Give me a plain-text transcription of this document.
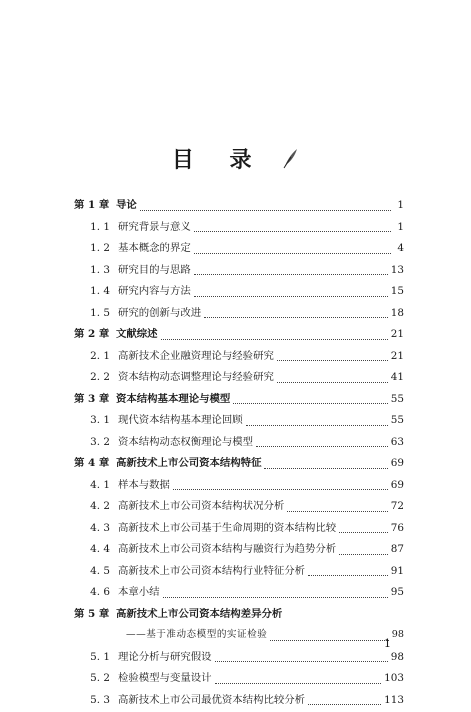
目 录
第 1 章 导论	1
1. 1 研究背景与意义	1
1. 2 基本概念的界定	4
1. 3 研究目的与思路	13
1. 4 研究内容与方法	15
1. 5 研究的创新与改进	18
第 2 章 文献综述	21
2. 1 高新技术企业融资理论与经验研究	21
2. 2 资本结构动态调整理论与经验研究	41
第 3 章 资本结构基本理论与模型	55
3. 1 现代资本结构基本理论回顾	55
3. 2 资本结构动态权衡理论与模型	63
第 4 章 高新技术上市公司资本结构特征	69
4. 1 样本与数据	69
4. 2 高新技术上市公司资本结构状况分析	72
4. 3 高新技术上市公司基于生命周期的资本结构比较	76
4. 4 高新技术上市公司资本结构与融资行为趋势分析	87
4. 5 高新技术上市公司资本结构行业特征分析	91
4. 6 本章小结	95
第 5 章 高新技术上市公司资本结构差异分析
——基于准动态模型的实证检验	98
5. 1 理论分析与研究假设	98
5. 2 检验模型与变量设计	103
5. 3 高新技术上市公司最优资本结构比较分析	113
1
